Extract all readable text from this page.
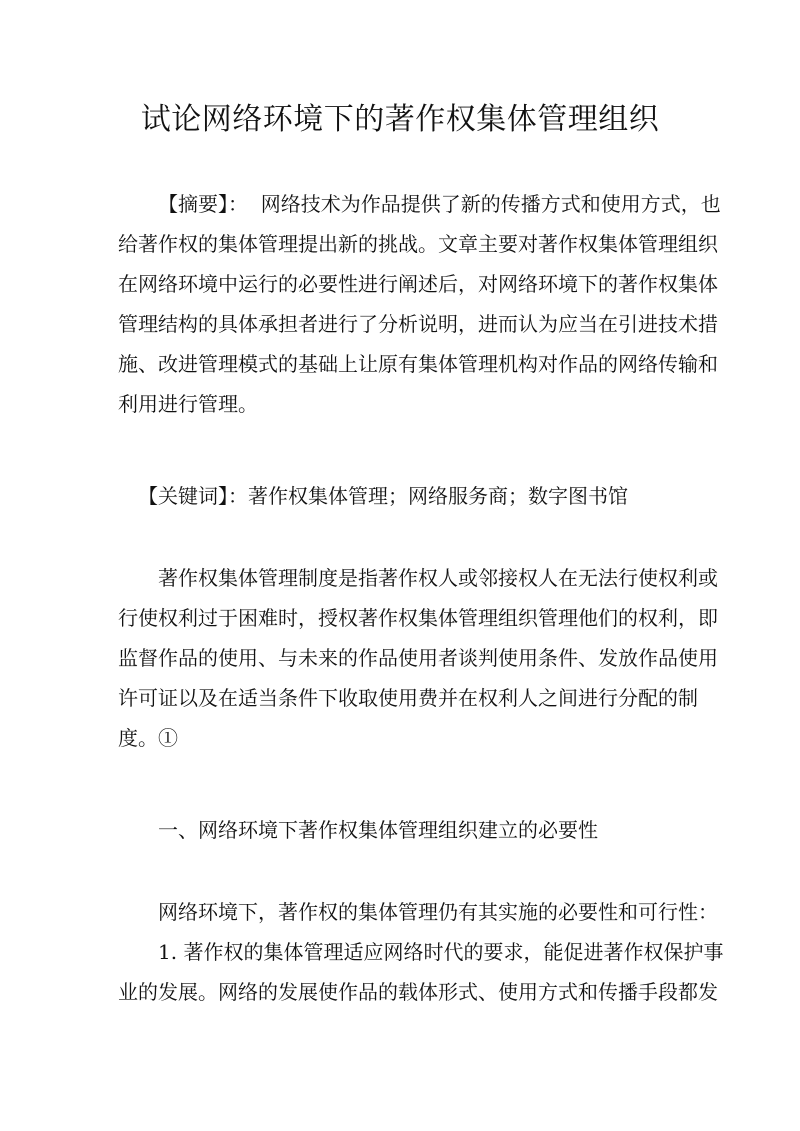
试论网络环境下的著作权集体管理组织
【摘要】： 网络技术为作品提供了新的传播方式和使用方式，也
给著作权的集体管理提出新的挑战。文章主要对著作权集体管理组织
在网络环境中运行的必要性进行阐述后，对网络环境下的著作权集体
管理结构的具体承担者进行了分析说明，进而认为应当在引进技术措
施、改进管理模式的基础上让原有集体管理机构对作品的网络传输和
利用进行管理。
【关键词】：著作权集体管理；网络服务商；数字图书馆
著作权集体管理制度是指著作权人或邻接权人在无法行使权利或
行使权利过于困难时，授权著作权集体管理组织管理他们的权利，即
监督作品的使用、与未来的作品使用者谈判使用条件、发放作品使用
许可证以及在适当条件下收取使用费并在权利人之间进行分配的制
度。①
一、网络环境下著作权集体管理组织建立的必要性
网络环境下，著作权的集体管理仍有其实施的必要性和可行性：
1. 著作权的集体管理适应网络时代的要求，能促进著作权保护事
业的发展。网络的发展使作品的载体形式、使用方式和传播手段都发
